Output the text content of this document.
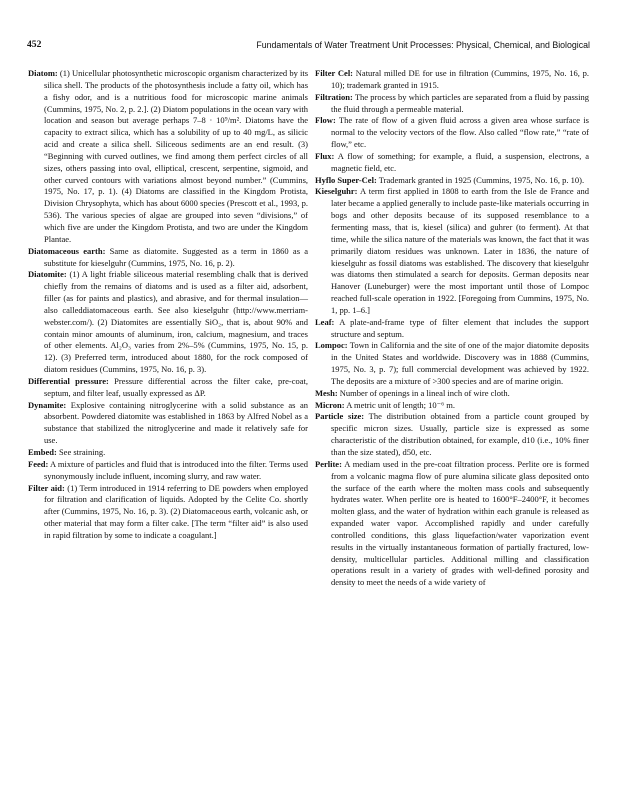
452	Fundamentals of Water Treatment Unit Processes: Physical, Chemical, and Biological

Diatom: (1) Unicellular photosynthetic microscopic organism characterized by its silica shell. The products of the photosynthesis include a fatty oil, which has a fishy odor, and is a nutritious food for microscopic marine animals (Cummins, 1975, No. 2, p. 2.]. (2) Diatom populations in the ocean vary with location and season but average perhaps 7–8 · 10⁹/m². Diatoms have the capacity to extract silica, which has a solubility of up to 40 mg/L, as silicic acid and create a silica shell. Siliceous sediments are an end result. (3) “Beginning with curved outlines, we find among them perfect circles of all sizes, others passing into oval, elliptical, crescent, serpentine, sigmoid, and other curved contours with variations almost beyond number.” (Cummins, 1975, No. 17, p. 1). (4) Diatoms are classified in the Kingdom Protista, Division Chrysophyta, which has about 6000 species (Prescott et al., 1993, p. 536). The various species of algae are grouped into seven “divisions,” of which five are under the Kingdom Protista, and two are under the Kingdom Plantae.

Diatomaceous earth: Same as diatomite. Suggested as a term in 1860 as a substitute for kieselguhr (Cummins, 1975, No. 16, p. 2).

Diatomite: (1) A light friable siliceous material resembling chalk that is derived chiefly from the remains of diatoms and is used as a filter aid, adsorbent, filler (as for paints and plastics), and abrasive, and for thermal insulation—also calleddiatomaceous earth. See also kieselguhr (http://www.merriam-webster.com/). (2) Diatomites are essentially SiO₂, that is, about 90% and contain minor amounts of aluminum, iron, calcium, magnesium, and traces of other elements. Al₂O₃ varies from 2%–5% (Cummins, 1975, No. 15, p. 12). (3) Preferred term, introduced about 1880, for the rock composed of diatom residues (Cummins, 1975, No. 16, p. 3).

Differential pressure: Pressure differential across the filter cake, pre-coat, septum, and filter leaf, usually expressed as ΔP.

Dynamite: Explosive containing nitroglycerine with a solid substance as an absorbent. Powdered diatomite was established in 1863 by Alfred Nobel as a substance that stabilized the nitroglycerine and made it relatively safe for use.

Embed: See straining.

Feed: A mixture of particles and fluid that is introduced into the filter. Terms used synonymously include influent, incoming slurry, and raw water.

Filter aid: (1) Term introduced in 1914 referring to DE powders when employed for filtration and clarification of liquids. Adopted by the Celite Co. shortly after (Cummins, 1975, No. 16, p. 3). (2) Diatomaceous earth, volcanic ash, or other material that may form a filter cake. [The term “filter aid” is also used in rapid filtration by some to indicate a coagulant.]

Filter Cel: Natural milled DE for use in filtration (Cummins, 1975, No. 16, p. 10); trademark granted in 1915.

Filtration: The process by which particles are separated from a fluid by passing the fluid through a permeable material.

Flow: The rate of flow of a given fluid across a given area whose surface is normal to the velocity vectors of the flow. Also called “flow rate,” “rate of flow,” etc.

Flux: A flow of something; for example, a fluid, a suspension, electrons, a magnetic field, etc.

Hyflo Super-Cel: Trademark granted in 1925 (Cummins, 1975, No. 16, p. 10).

Kieselguhr: A term first applied in 1808 to earth from the Isle de France and later became a applied generally to include paste-like materials occurring in bogs and other deposits because of its supposed resemblance to a fermenting mass, that is, kiesel (silica) and guhrer (to ferment). At that time, while the silica nature of the materials was known, the fact that it was primarily diatom residues was unknown. Later in 1836, the nature of kieselguhr as fossil diatoms was established. The discovery that kieselguhr was diatoms then stimulated a search for deposits. German deposits near Hanover (Luneburger) were the most important until those of Lompoc reached full-scale operation in 1922. [Foregoing from Cummins, 1975, No. 1, pp. 1–6.]

Leaf: A plate-and-frame type of filter element that includes the support structure and septum.

Lompoc: Town in California and the site of one of the major diatomite deposits in the United States and worldwide. Discovery was in 1888 (Cummins, 1975, No. 3, p. 7); full commercial development was achieved by 1922. The deposits are a mixture of >300 species and are of marine origin.

Mesh: Number of openings in a lineal inch of wire cloth.

Micron: A metric unit of length; 10⁻⁶ m.

Particle size: The distribution obtained from a particle count grouped by specific micron sizes. Usually, particle size is expressed as some characteristic of the distribution obtained, for example, d10 (i.e., 10% finer than the size stated), d50, etc.

Perlite: A mediam used in the pre-coat filtration process. Perlite ore is formed from a volcanic magma flow of pure alumina silicate glass deposited onto the surface of the earth where the molten mass cools and subsequently hydrates water. When perlite ore is heated to 1600°F–2400°F, it becomes molten glass, and the water of hydration within each granule is released as expanded water vapor. Accomplished rapidly and under carefully controlled conditions, this glass liquefaction/water vaporization event results in the virtually instantaneous formation of partially fractured, low-density, multicellular particles. Additional milling and classification operations result in a variety of grades with well-defined porosity and density to meet the needs of a wide variety of
